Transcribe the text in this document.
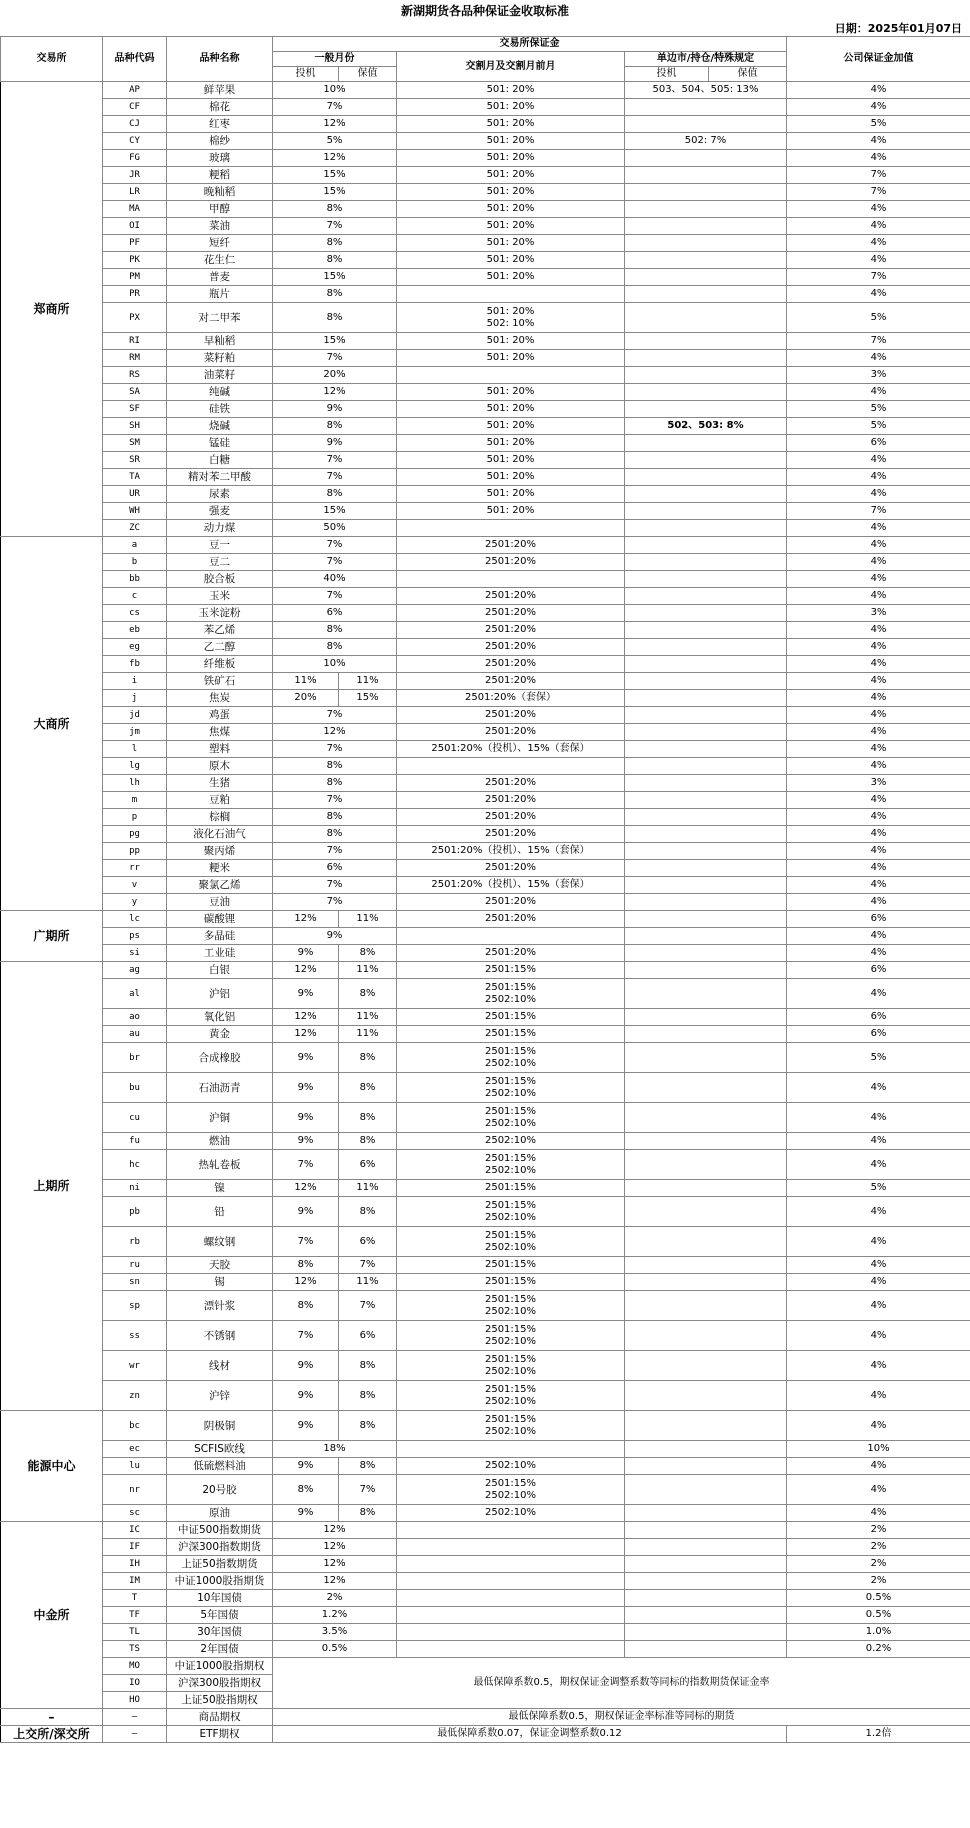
新湖期货各品种保证金收取标准
日期：2025年01月07日
交易所	品种代码	品种名称	交易所保证金					公司保证金加值
			一般月份		交割月及交割月前月	单边市/持仓/特殊规定		
			投机	保值		投机	保值	
郑商所	AP	鲜苹果	10%		501: 20%	503、504、505: 13%		4%
	CF	棉花	7%		501: 20%			4%
	CJ	红枣	12%		501: 20%			5%
	CY	棉纱	5%		501: 20%	502: 7%		4%
	FG	玻璃	12%		501: 20%			4%
	JR	粳稻	15%		501: 20%			7%
	LR	晚籼稻	15%		501: 20%			7%
	MA	甲醇	8%		501: 20%			4%
	OI	菜油	7%		501: 20%			4%
	PF	短纤	8%		501: 20%			4%
	PK	花生仁	8%		501: 20%			4%
	PM	普麦	15%		501: 20%			7%
	PR	瓶片	8%					4%
	PX	对二甲苯	8%		501: 20%
502: 10%			5%
	RI	早籼稻	15%		501: 20%			7%
	RM	菜籽粕	7%		501: 20%			4%
	RS	油菜籽	20%					3%
	SA	纯碱	12%		501: 20%			4%
	SF	硅铁	9%		501: 20%			5%
	SH	烧碱	8%		501: 20%	502、503: 8%		5%
	SM	锰硅	9%		501: 20%			6%
	SR	白糖	7%		501: 20%			4%
	TA	精对苯二甲酸	7%		501: 20%			4%
	UR	尿素	8%		501: 20%			4%
	WH	强麦	15%		501: 20%			7%
	ZC	动力煤	50%					4%
大商所	a	豆一	7%		2501:20%			4%
	b	豆二	7%		2501:20%			4%
	bb	胶合板	40%					4%
	c	玉米	7%		2501:20%			4%
	cs	玉米淀粉	6%		2501:20%			3%
	eb	苯乙烯	8%		2501:20%			4%
	eg	乙二醇	8%		2501:20%			4%
	fb	纤维板	10%		2501:20%			4%
	i	铁矿石	11%	11%	2501:20%			4%
	j	焦炭	20%	15%	2501:20%（套保）			4%
	jd	鸡蛋	7%		2501:20%			4%
	jm	焦煤	12%		2501:20%			4%
	l	塑料	7%		2501:20%（投机）、15%（套保）			4%
	lg	原木	8%					4%
	lh	生猪	8%		2501:20%			3%
	m	豆粕	7%		2501:20%			4%
	p	棕榈	8%		2501:20%			4%
	pg	液化石油气	8%		2501:20%			4%
	pp	聚丙烯	7%		2501:20%（投机）、15%（套保）			4%
	rr	粳米	6%		2501:20%			4%
	v	聚氯乙烯	7%		2501:20%（投机）、15%（套保）			4%
	y	豆油	7%		2501:20%			4%
广期所	lc	碳酸锂	12%	11%	2501:20%			6%
	ps	多晶硅	9%					4%
	si	工业硅	9%	8%	2501:20%			4%
上期所	ag	白银	12%	11%	2501:15%			6%
	al	沪铝	9%	8%	2501:15%
2502:10%			4%
	ao	氧化铝	12%	11%	2501:15%			6%
	au	黄金	12%	11%	2501:15%			6%
	br	合成橡胶	9%	8%	2501:15%
2502:10%			5%
	bu	石油沥青	9%	8%	2501:15%
2502:10%			4%
	cu	沪铜	9%	8%	2501:15%
2502:10%			4%
	fu	燃油	9%	8%	2502:10%			4%
	hc	热轧卷板	7%	6%	2501:15%
2502:10%			4%
	ni	镍	12%	11%	2501:15%			5%
	pb	铅	9%	8%	2501:15%
2502:10%			4%
	rb	螺纹钢	7%	6%	2501:15%
2502:10%			4%
	ru	天胶	8%	7%	2501:15%			4%
	sn	锡	12%	11%	2501:15%			4%
	sp	漂针浆	8%	7%	2501:15%
2502:10%			4%
	ss	不锈钢	7%	6%	2501:15%
2502:10%			4%
	wr	线材	9%	8%	2501:15%
2502:10%			4%
	zn	沪锌	9%	8%	2501:15%
2502:10%			4%
能源中心	bc	阴极铜	9%	8%	2501:15%
2502:10%			4%
	ec	SCFIS欧线	18%					10%
	lu	低硫燃料油	9%	8%	2502:10%			4%
	nr	20号胶	8%	7%	2501:15%
2502:10%			4%
	sc	原油	9%	8%	2502:10%			4%
中金所	IC	中证500指数期货	12%					2%
	IF	沪深300指数期货	12%					2%
	IH	上证50指数期货	12%					2%
	IM	中证1000股指期货	12%					2%
	T	10年国债	2%					0.5%
	TF	5年国债	1.2%					0.5%
	TL	30年国债	3.5%					1.0%
	TS	2年国债	0.5%					0.2%
	MO	中证1000股指期权	最低保障系数0.5，期权保证金调整系数等同标的指数期货保证金率					
	IO	沪深300股指期权						
	HO	上证50股指期权						
–	–	商品期权	最低保障系数0.5，期权保证金率标准等同标的期货					
上交所/深交所	–	ETF期权	最低保障系数0.07，保证金调整系数0.12					1.2倍
